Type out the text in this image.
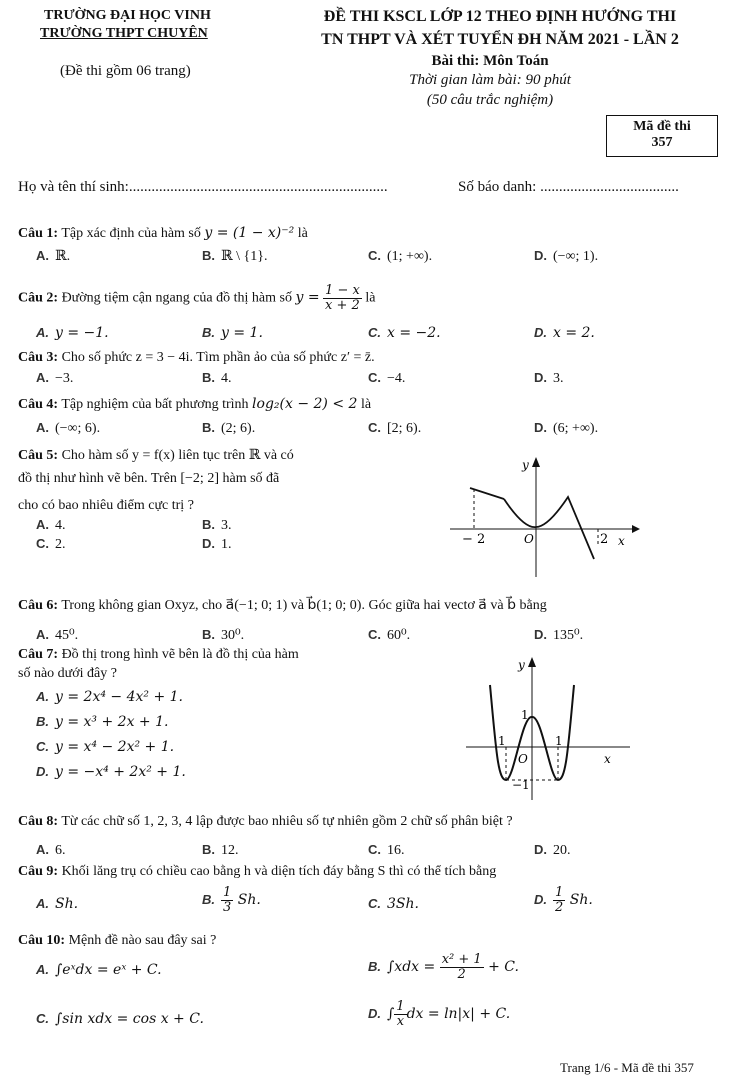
TRƯỜNG ĐẠI HỌC VINH
TRƯỜNG THPT CHUYÊN
(Đề thi gồm 06 trang)
ĐỀ THI KSCL LỚP 12 THEO ĐỊNH HƯỚNG THI
TN THPT VÀ XÉT TUYỂN ĐH NĂM 2021 - LẦN 2
Bài thi: Môn Toán
Thời gian làm bài: 90 phút
(50 câu trắc nghiệm)
Mã đề thi
357
Họ và tên thí sinh:.....................................................................	Số báo danh: .....................................
Câu 1: Tập xác định của hàm số y = (1 − x)⁻² là
A. ℝ.	B. ℝ \ {1}.	C. (1; +∞).	D. (−∞; 1).
Câu 2: Đường tiệm cận ngang của đồ thị hàm số $y = \frac{1 - x}{x + 2}$ là
A. y = −1.	B. y = 1.	C. x = −2.	D. x = 2.
Câu 3: Cho số phức z = 3 − 4i. Tìm phần ảo của số phức z′ = z̄.
A. −3.	B. 4.	C. −4.	D. 3.
Câu 4: Tập nghiệm của bất phương trình log₂(x − 2) < 2 là
A. (−∞; 6).	B. (2; 6).	C. [2; 6).	D. (6; +∞).
Câu 5: Cho hàm số y = f(x) liên tục trên ℝ và có
đồ thị như hình vẽ bên. Trên [−2; 2] hàm số đã
cho có bao nhiêu điểm cực trị ?
A. 4.	B. 3.
C. 2.	D. 1.
y
x
O
− 2	2
Câu 6: Trong không gian Oxyz, cho a⃗(−1; 0; 1) và b⃗(1; 0; 0). Góc giữa hai vectơ a⃗ và b⃗ bằng
A. 45⁰.	B. 30⁰.	C. 60⁰.	D. 135⁰.
Câu 7: Đồ thị trong hình vẽ bên là đồ thị của hàm
số nào dưới đây ?
A. y = 2x⁴ − 4x² + 1.
B. y = x³ + 2x + 1.
C. y = x⁴ − 2x² + 1.
D. y = −x⁴ + 2x² + 1.
y
x
O
1
1	1
−1
Câu 8: Từ các chữ số 1, 2, 3, 4 lập được bao nhiêu số tự nhiên gồm 2 chữ số phân biệt ?
A. 6.	B. 12.	C. 16.	D. 20.
Câu 9: Khối lăng trụ có chiều cao bằng h và diện tích đáy bằng S thì có thể tích bằng
A. Sh.	B. $\frac{1}{3} Sh$.	C. 3Sh.	D. $\frac{1}{2} Sh$.
Câu 10: Mệnh đề nào sau đây sai ?
A. ∫eˣdx = eˣ + C.	B. $\int xdx = \frac{\text{x² + 1}}{2} + C$.
C. ∫sin xdx = cos x + C.	D. ∫ $\frac{1}{x}$ dx = ln|x| + C.
Trang 1/6 - Mã đề thi 357
